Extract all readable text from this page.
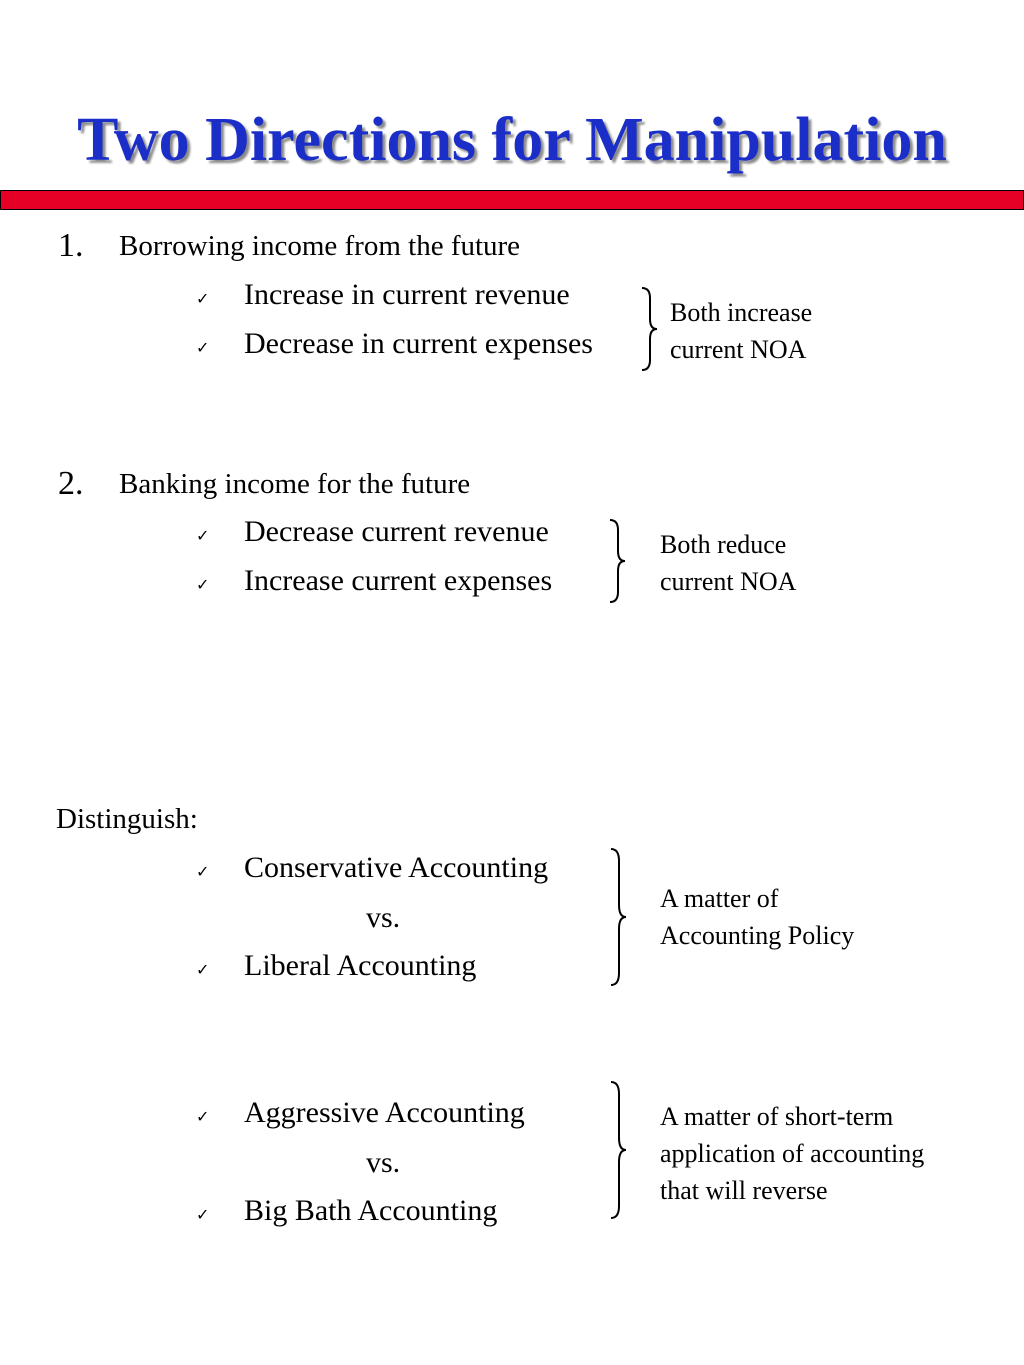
Two Directions for Manipulation
1. Borrowing income from the future
✓ Increase in current revenue
✓ Decrease in current expenses
Both increase
current NOA
2. Banking income for the future
✓ Decrease current revenue
✓ Increase current expenses
Both reduce
current NOA
Distinguish:
✓ Conservative Accounting
vs.
✓ Liberal Accounting
A matter of
Accounting Policy
✓ Aggressive Accounting
vs.
✓ Big Bath Accounting
A matter of short-term
application of accounting
that will reverse
